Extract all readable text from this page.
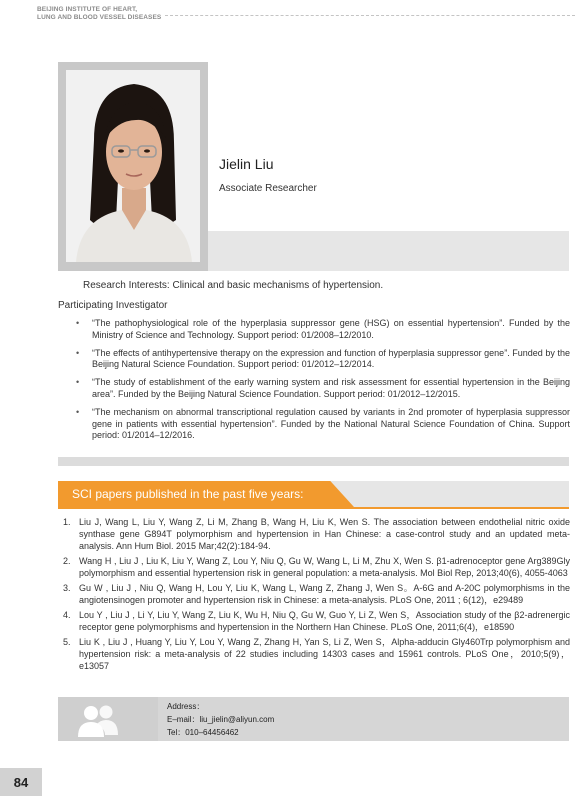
BEIJING INSTITUTE OF HEART,
LUNG AND BLOOD VESSEL DISEASES
Jielin Liu
Associate Researcher
Research Interests: Clinical and basic mechanisms of hypertension.
Participating Investigator
• “The pathophysiological role of the hyperplasia suppressor gene (HSG) on essential hypertension”. Funded by the Ministry of Science and Technology. Support period: 01/2008–12/2010.
• “The effects of antihypertensive therapy on the expression and function of hyperplasia suppressor gene”. Funded by the Beijing Natural Science Foundation. Support period: 01/2012–12/2014.
• “The study of establishment of the early warning system and risk assessment for essential hypertension in the Beijing area”. Funded by the Beijing Natural Science Foundation. Support period: 01/2012–12/2015.
• “The mechanism on abnormal transcriptional regulation caused by variants in 2nd promoter of hyperplasia suppressor gene in patients with essential hypertension”. Funded by the National Natural Science Foundation of China. Support period: 01/2014–12/2016.
SCI papers published in the past five years:
1. Liu J, Wang L, Liu Y, Wang Z, Li M, Zhang B, Wang H, Liu K, Wen S. The association between endothelial nitric oxide synthase gene G894T polymorphism and hypertension in Han Chinese: a case-control study and an updated meta-analysis. Ann Hum Biol. 2015 Mar;42(2):184-94.
2. Wang H , Liu J , Liu K, Liu Y, Wang Z, Lou Y, Niu Q, Gu W, Wang L, Li M, Zhu X, Wen S. β1-adrenoceptor gene Arg389Gly polymorphism and essential hypertension risk in general population: a meta-analysis. Mol Biol Rep, 2013;40(6), 4055-4063
3. Gu W , Liu J , Niu Q, Wang H, Lou Y, Liu K, Wang L, Wang Z, Zhang J, Wen S。A-6G and A-20C polymorphisms in the angiotensinogen promoter and hypertension risk in Chinese: a meta-analysis. PLoS One, 2011 ; 6(12)，e29489
4. Lou Y , Liu J , Li Y, Liu Y, Wang Z, Liu K, Wu H, Niu Q, Gu W, Guo Y, Li Z, Wen S，Association study of the β2-adrenergic receptor gene polymorphisms and hypertension in the Northern Han Chinese. PLoS One, 2011;6(4)，e18590
5. Liu K , Liu J , Huang Y, Liu Y, Lou Y, Wang Z, Zhang H, Yan S, Li Z, Wen S，Alpha-adducin Gly460Trp polymorphism and hypertension risk: a meta-analysis of 22 studies including 14303 cases and 15961 controls. PLoS One，2010;5(9)，e13057
Address：
E–mail：liu_jielin@aliyun.com
Tel：010–64456462
84
